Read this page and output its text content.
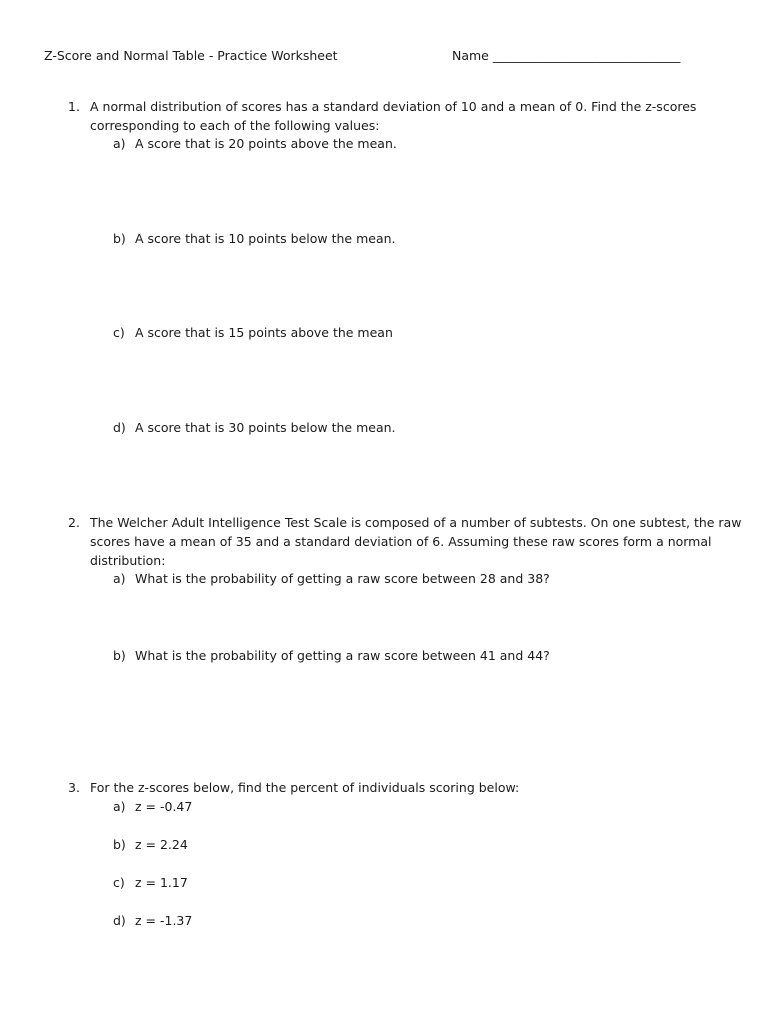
Z-Score and Normal Table - Practice Worksheet	Name ______________________________
1. A normal distribution of scores has a standard deviation of 10 and a mean of 0. Find the z-scores
corresponding to each of the following values:
a) A score that is 20 points above the mean.
b) A score that is 10 points below the mean.
c) A score that is 15 points above the mean
d) A score that is 30 points below the mean.
2. The Welcher Adult Intelligence Test Scale is composed of a number of subtests. On one subtest, the raw
scores have a mean of 35 and a standard deviation of 6. Assuming these raw scores form a normal
distribution:
a) What is the probability of getting a raw score between 28 and 38?
b) What is the probability of getting a raw score between 41 and 44?
3. For the z-scores below, find the percent of individuals scoring below:
a) z = -0.47
b) z = 2.24
c) z = 1.17
d) z = -1.37
